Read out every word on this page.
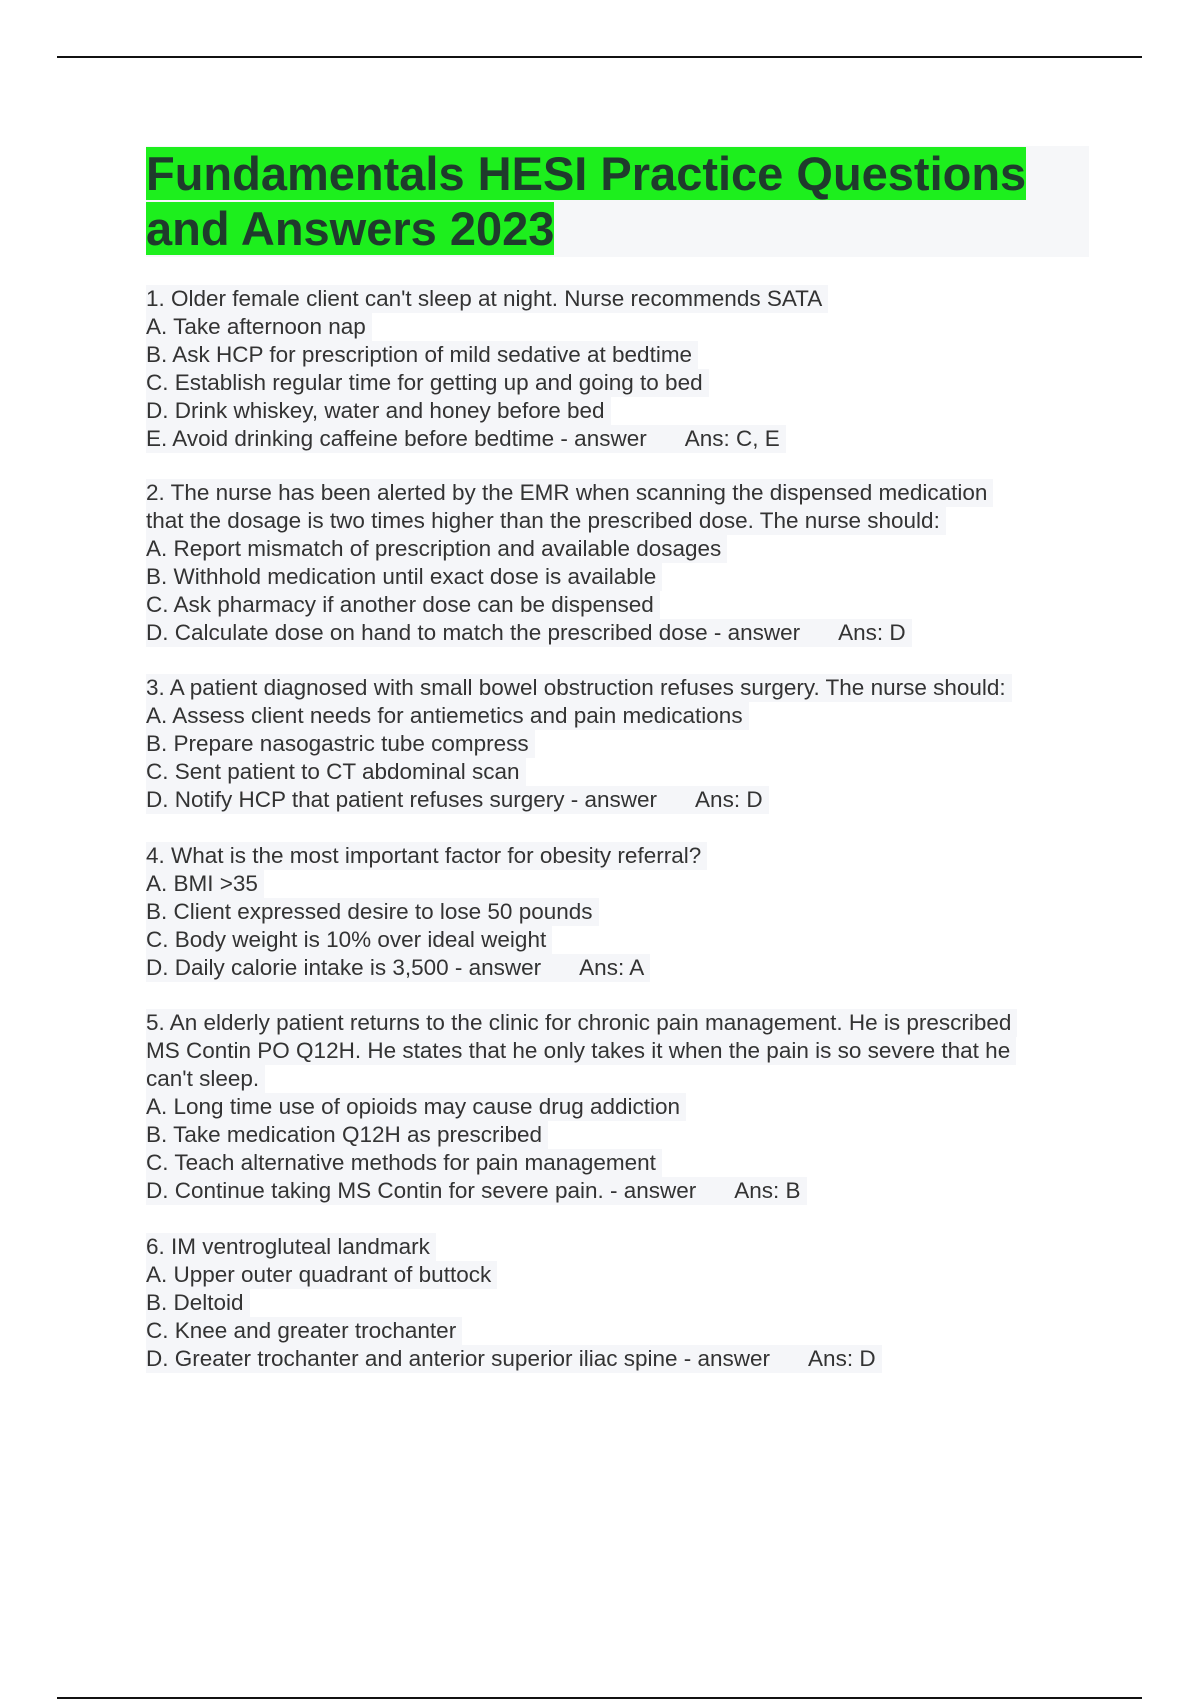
Fundamentals HESI Practice Questions
and Answers 2023
1. Older female client can't sleep at night. Nurse recommends SATA
A. Take afternoon nap
B. Ask HCP for prescription of mild sedative at bedtime
C. Establish regular time for getting up and going to bed
D. Drink whiskey, water and honey before bed
E. Avoid drinking caffeine before bedtime - answer Ans: C, E
2. The nurse has been alerted by the EMR when scanning the dispensed medication
that the dosage is two times higher than the prescribed dose. The nurse should:
A. Report mismatch of prescription and available dosages
B. Withhold medication until exact dose is available
C. Ask pharmacy if another dose can be dispensed
D. Calculate dose on hand to match the prescribed dose - answer Ans: D
3. A patient diagnosed with small bowel obstruction refuses surgery. The nurse should:
A. Assess client needs for antiemetics and pain medications
B. Prepare nasogastric tube compress
C. Sent patient to CT abdominal scan
D. Notify HCP that patient refuses surgery - answer Ans: D
4. What is the most important factor for obesity referral?
A. BMI >35
B. Client expressed desire to lose 50 pounds
C. Body weight is 10% over ideal weight
D. Daily calorie intake is 3,500 - answer Ans: A
5. An elderly patient returns to the clinic for chronic pain management. He is prescribed
MS Contin PO Q12H. He states that he only takes it when the pain is so severe that he
can't sleep.
A. Long time use of opioids may cause drug addiction
B. Take medication Q12H as prescribed
C. Teach alternative methods for pain management
D. Continue taking MS Contin for severe pain. - answer Ans: B
6. IM ventrogluteal landmark
A. Upper outer quadrant of buttock
B. Deltoid
C. Knee and greater trochanter
D. Greater trochanter and anterior superior iliac spine - answer Ans: D
